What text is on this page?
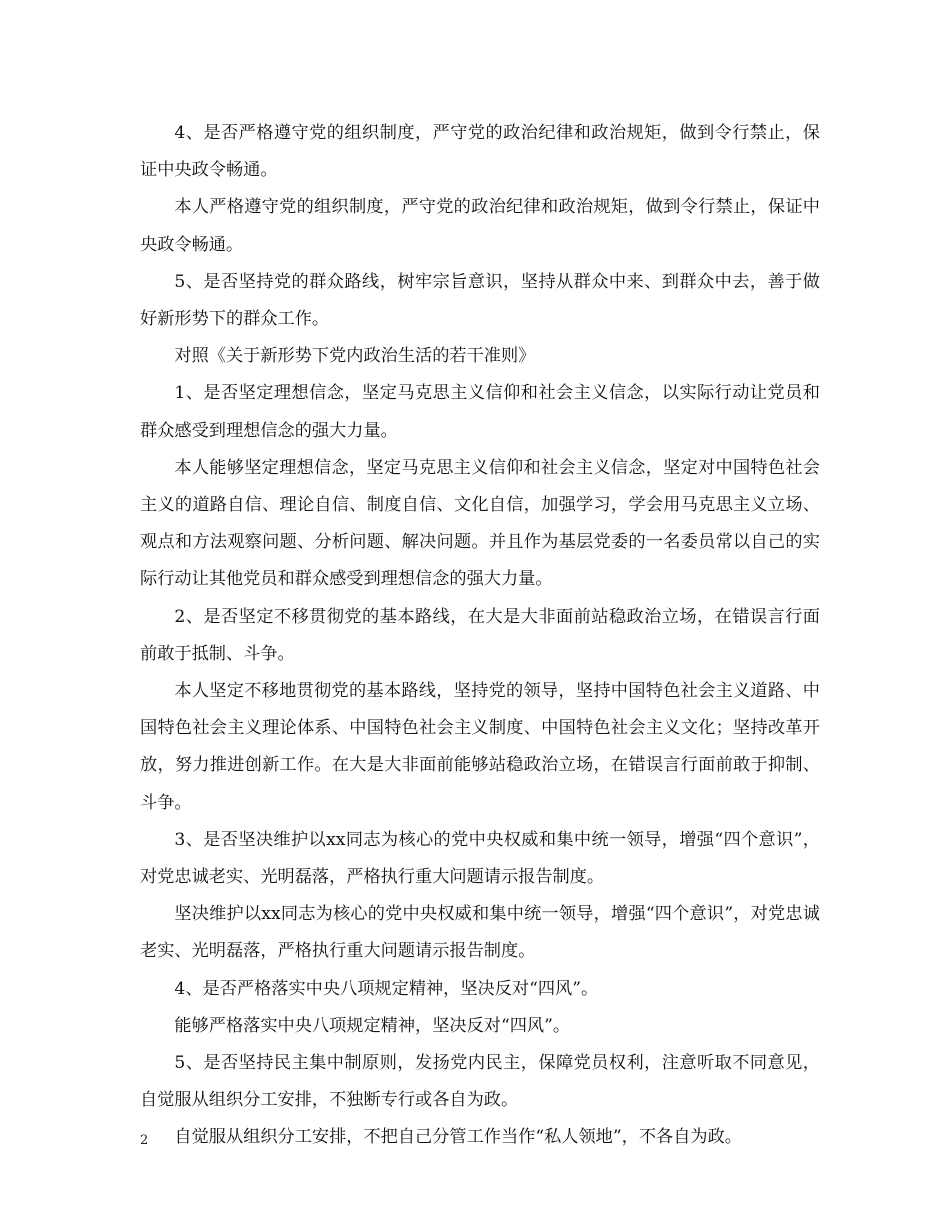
4、是否严格遵守党的组织制度，严守党的政治纪律和政治规矩，做到令行禁止，保证中央政令畅通。

本人严格遵守党的组织制度，严守党的政治纪律和政治规矩，做到令行禁止，保证中央政令畅通。

5、是否坚持党的群众路线，树牢宗旨意识，坚持从群众中来、到群众中去，善于做好新形势下的群众工作。

对照《关于新形势下党内政治生活的若干准则》

1、是否坚定理想信念，坚定马克思主义信仰和社会主义信念，以实际行动让党员和群众感受到理想信念的强大力量。

本人能够坚定理想信念，坚定马克思主义信仰和社会主义信念，坚定对中国特色社会主义的道路自信、理论自信、制度自信、文化自信，加强学习，学会用马克思主义立场、观点和方法观察问题、分析问题、解决问题。并且作为基层党委的一名委员常以自己的实际行动让其他党员和群众感受到理想信念的强大力量。

2、是否坚定不移贯彻党的基本路线，在大是大非面前站稳政治立场，在错误言行面前敢于抵制、斗争。

本人坚定不移地贯彻党的基本路线，坚持党的领导，坚持中国特色社会主义道路、中国特色社会主义理论体系、中国特色社会主义制度、中国特色社会主义文化；坚持改革开放，努力推进创新工作。在大是大非面前能够站稳政治立场，在错误言行面前敢于抑制、斗争。

3、是否坚决维护以xx同志为核心的党中央权威和集中统一领导，增强“四个意识”，对党忠诚老实、光明磊落，严格执行重大问题请示报告制度。

坚决维护以xx同志为核心的党中央权威和集中统一领导，增强“四个意识”，对党忠诚老实、光明磊落，严格执行重大问题请示报告制度。

4、是否严格落实中央八项规定精神，坚决反对“四风”。

能够严格落实中央八项规定精神，坚决反对“四风”。

5、是否坚持民主集中制原则，发扬党内民主，保障党员权利，注意听取不同意见，自觉服从组织分工安排，不独断专行或各自为政。

自觉服从组织分工安排，不把自己分管工作当作“私人领地”，不各自为政。

2
